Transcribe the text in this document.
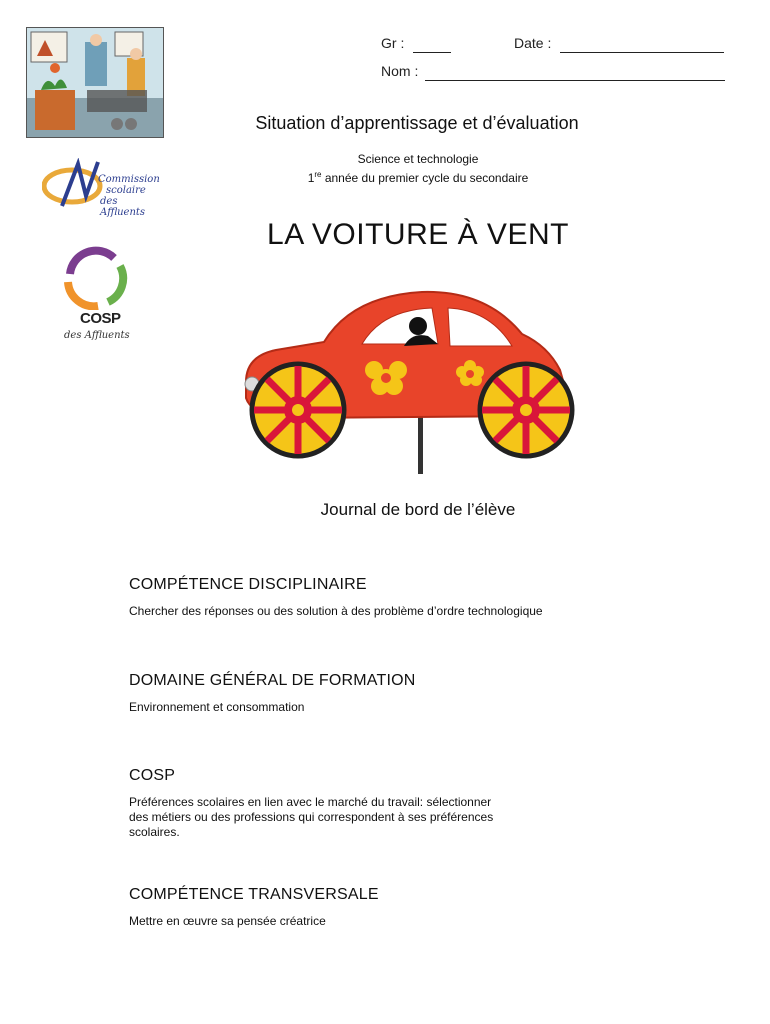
Gr :	Date :
Nom :
Commission
scolaire
des Affluents
COSP
des Affluents
Situation d’apprentissage et d’évaluation
Science et technologie
1re année du premier cycle du secondaire
LA VOITURE À VENT
Journal de bord de l’élève
COMPÉTENCE DISCIPLINAIRE
Chercher des réponses ou des solution à des problème d’ordre technologique
DOMAINE GÉNÉRAL DE FORMATION
Environnement et consommation
COSP
Préférences scolaires en lien avec le marché du travail: sélectionner
des métiers ou des professions qui correspondent à ses préférences
scolaires.
COMPÉTENCE TRANSVERSALE
Mettre en œuvre sa pensée créatrice
